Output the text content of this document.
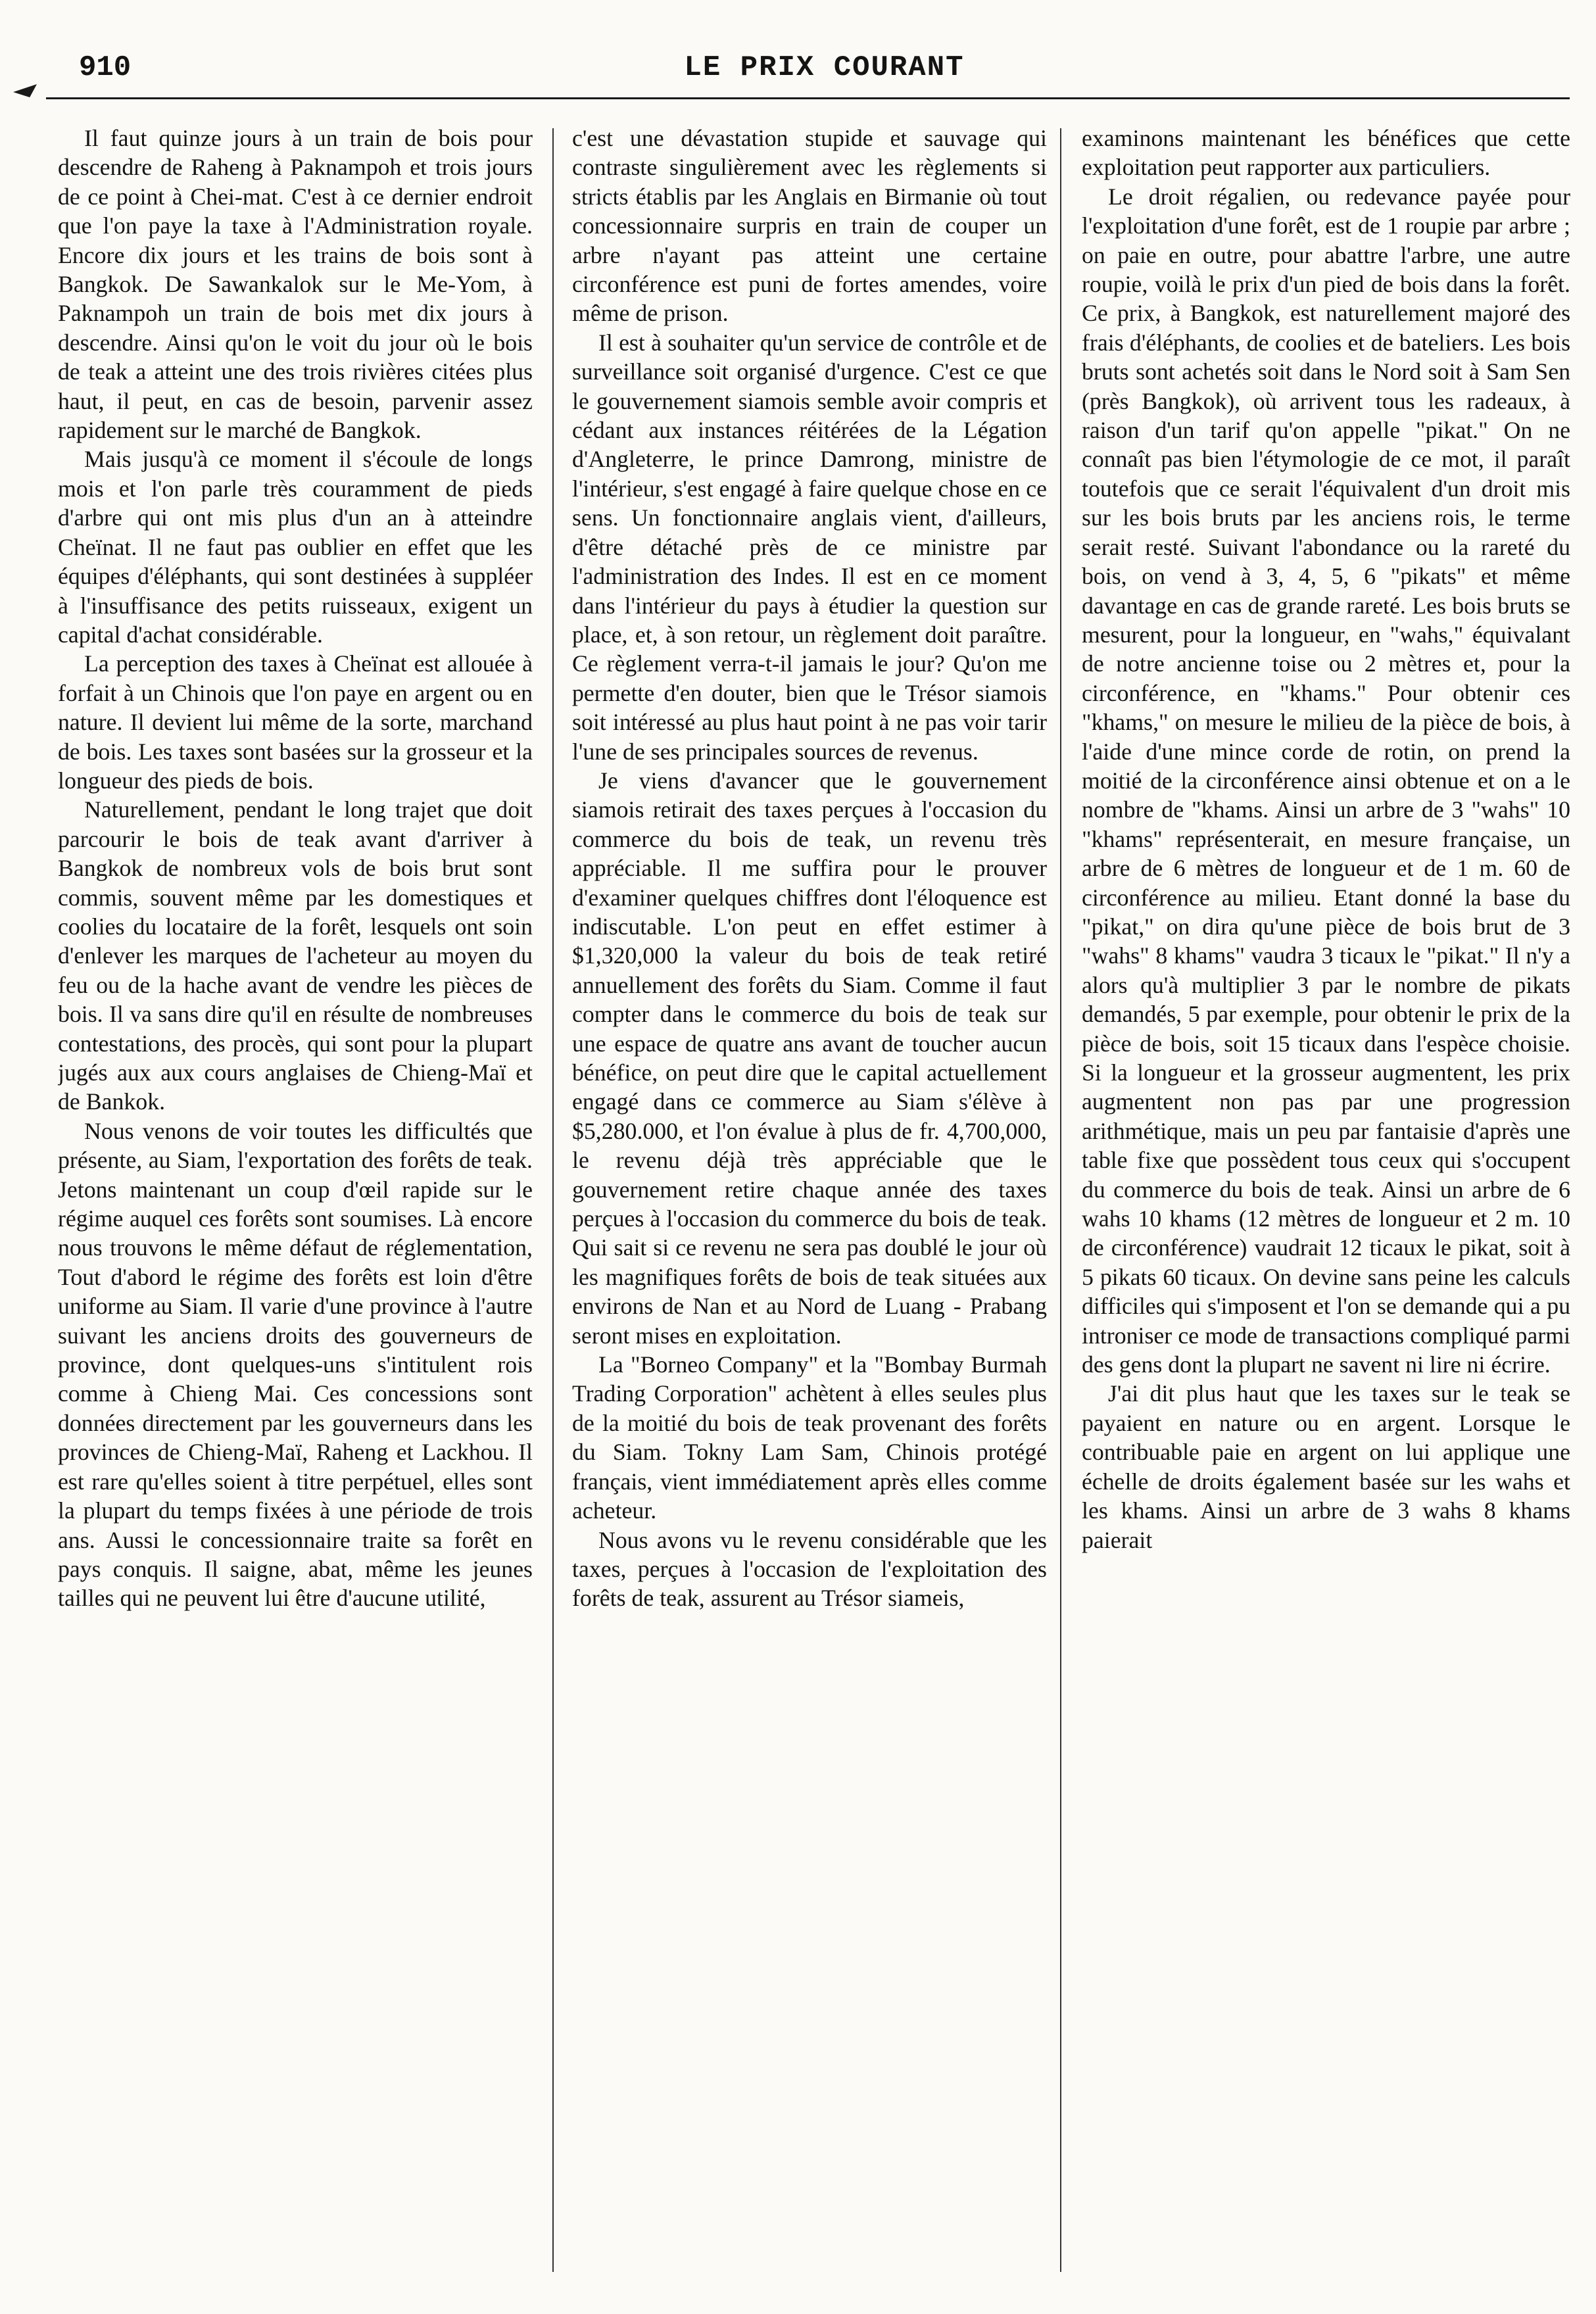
910	LE PRIX COURANT

Il faut quinze jours à un train de bois pour descendre de Raheng à Paknampoh et trois jours de ce point à Chei-mat. C'est à ce dernier endroit que l'on paye la taxe à l'Administration royale. Encore dix jours et les trains de bois sont à Bangkok. De Sawankalok sur le Me-Yom, à Paknampoh un train de bois met dix jours à descendre. Ainsi qu'on le voit du jour où le bois de teak a atteint une des trois rivières citées plus haut, il peut, en cas de besoin, parvenir assez rapidement sur le marché de Bangkok.

Mais jusqu'à ce moment il s'écoule de longs mois et l'on parle très couramment de pieds d'arbre qui ont mis plus d'un an à atteindre Cheïnat. Il ne faut pas oublier en effet que les équipes d'éléphants, qui sont destinées à suppléer à l'insuffisance des petits ruisseaux, exigent un capital d'achat considérable.

La perception des taxes à Cheïnat est allouée à forfait à un Chinois que l'on paye en argent ou en nature. Il devient lui même de la sorte, marchand de bois. Les taxes sont basées sur la grosseur et la longueur des pieds de bois.

Naturellement, pendant le long trajet que doit parcourir le bois de teak avant d'arriver à Bangkok de nombreux vols de bois brut sont commis, souvent même par les domestiques et coolies du locataire de la forêt, lesquels ont soin d'enlever les marques de l'acheteur au moyen du feu ou de la hache avant de vendre les pièces de bois. Il va sans dire qu'il en résulte de nombreuses contestations, des procès, qui sont pour la plupart jugés aux aux cours anglaises de Chieng-Maï et de Bankok.

Nous venons de voir toutes les difficultés que présente, au Siam, l'exportation des forêts de teak. Jetons maintenant un coup d'œil rapide sur le régime auquel ces forêts sont soumises. Là encore nous trouvons le même défaut de réglementation, Tout d'abord le régime des forêts est loin d'être uniforme au Siam. Il varie d'une province à l'autre suivant les anciens droits des gouverneurs de province, dont quelques-uns s'intitulent rois comme à Chieng Mai. Ces concessions sont données directement par les gouverneurs dans les provinces de Chieng-Maï, Raheng et Lackhou. Il est rare qu'elles soient à titre perpétuel, elles sont la plupart du temps fixées à une période de trois ans. Aussi le concessionnaire traite sa forêt en pays conquis. Il saigne, abat, même les jeunes tailles qui ne peuvent lui être d'aucune utilité,

c'est une dévastation stupide et sauvage qui contraste singulièrement avec les règlements si stricts établis par les Anglais en Birmanie où tout concessionnaire surpris en train de couper un arbre n'ayant pas atteint une certaine circonférence est puni de fortes amendes, voire même de prison.

Il est à souhaiter qu'un service de contrôle et de surveillance soit organisé d'urgence. C'est ce que le gouvernement siamois semble avoir compris et cédant aux instances réitérées de la Légation d'Angleterre, le prince Damrong, ministre de l'intérieur, s'est engagé à faire quelque chose en ce sens. Un fonctionnaire anglais vient, d'ailleurs, d'être détaché près de ce ministre par l'administration des Indes. Il est en ce moment dans l'intérieur du pays à étudier la question sur place, et, à son retour, un règlement doit paraître. Ce règlement verra-t-il jamais le jour? Qu'on me permette d'en douter, bien que le Trésor siamois soit intéressé au plus haut point à ne pas voir tarir l'une de ses principales sources de revenus.

Je viens d'avancer que le gouvernement siamois retirait des taxes perçues à l'occasion du commerce du bois de teak, un revenu très appréciable. Il me suffira pour le prouver d'examiner quelques chiffres dont l'éloquence est indiscutable. L'on peut en effet estimer à $1,320,000 la valeur du bois de teak retiré annuellement des forêts du Siam. Comme il faut compter dans le commerce du bois de teak sur une espace de quatre ans avant de toucher aucun bénéfice, on peut dire que le capital actuellement engagé dans ce commerce au Siam s'élève à $5,280.000, et l'on évalue à plus de fr. 4,700,000, le revenu déjà très appréciable que le gouvernement retire chaque année des taxes perçues à l'occasion du commerce du bois de teak. Qui sait si ce revenu ne sera pas doublé le jour où les magnifiques forêts de bois de teak situées aux environs de Nan et au Nord de Luang - Prabang seront mises en exploitation.

La "Borneo Company" et la "Bombay Burmah Trading Corporation" achètent à elles seules plus de la moitié du bois de teak provenant des forêts du Siam. Tokny Lam Sam, Chinois protégé français, vient immédiatement après elles comme acheteur.

Nous avons vu le revenu considérable que les taxes, perçues à l'occasion de l'exploitation des forêts de teak, assurent au Trésor siameis,

examinons maintenant les bénéfices que cette exploitation peut rapporter aux particuliers.

Le droit régalien, ou redevance payée pour l'exploitation d'une forêt, est de 1 roupie par arbre ; on paie en outre, pour abattre l'arbre, une autre roupie, voilà le prix d'un pied de bois dans la forêt. Ce prix, à Bangkok, est naturellement majoré des frais d'éléphants, de coolies et de bateliers. Les bois bruts sont achetés soit dans le Nord soit à Sam Sen (près Bangkok), où arrivent tous les radeaux, à raison d'un tarif qu'on appelle "pikat." On ne connaît pas bien l'étymologie de ce mot, il paraît toutefois que ce serait l'équivalent d'un droit mis sur les bois bruts par les anciens rois, le terme serait resté. Suivant l'abondance ou la rareté du bois, on vend à 3, 4, 5, 6 "pikats" et même davantage en cas de grande rareté. Les bois bruts se mesurent, pour la longueur, en "wahs," équivalant de notre ancienne toise ou 2 mètres et, pour la circonférence, en "khams." Pour obtenir ces "khams," on mesure le milieu de la pièce de bois, à l'aide d'une mince corde de rotin, on prend la moitié de la circonférence ainsi obtenue et on a le nombre de "khams. Ainsi un arbre de 3 "wahs" 10 "khams" représenterait, en mesure française, un arbre de 6 mètres de longueur et de 1 m. 60 de circonférence au milieu. Etant donné la base du "pikat," on dira qu'une pièce de bois brut de 3 "wahs" 8 khams" vaudra 3 ticaux le "pikat." Il n'y a alors qu'à multiplier 3 par le nombre de pikats demandés, 5 par exemple, pour obtenir le prix de la pièce de bois, soit 15 ticaux dans l'espèce choisie. Si la longueur et la grosseur augmentent, les prix augmentent non pas par une progression arithmétique, mais un peu par fantaisie d'après une table fixe que possèdent tous ceux qui s'occupent du commerce du bois de teak. Ainsi un arbre de 6 wahs 10 khams (12 mètres de longueur et 2 m. 10 de circonférence) vaudrait 12 ticaux le pikat, soit à 5 pikats 60 ticaux. On devine sans peine les calculs difficiles qui s'imposent et l'on se demande qui a pu introniser ce mode de transactions compliqué parmi des gens dont la plupart ne savent ni lire ni écrire.

J'ai dit plus haut que les taxes sur le teak se payaient en nature ou en argent. Lorsque le contribuable paie en argent on lui applique une échelle de droits également basée sur les wahs et les khams. Ainsi un arbre de 3 wahs 8 khams paierait
